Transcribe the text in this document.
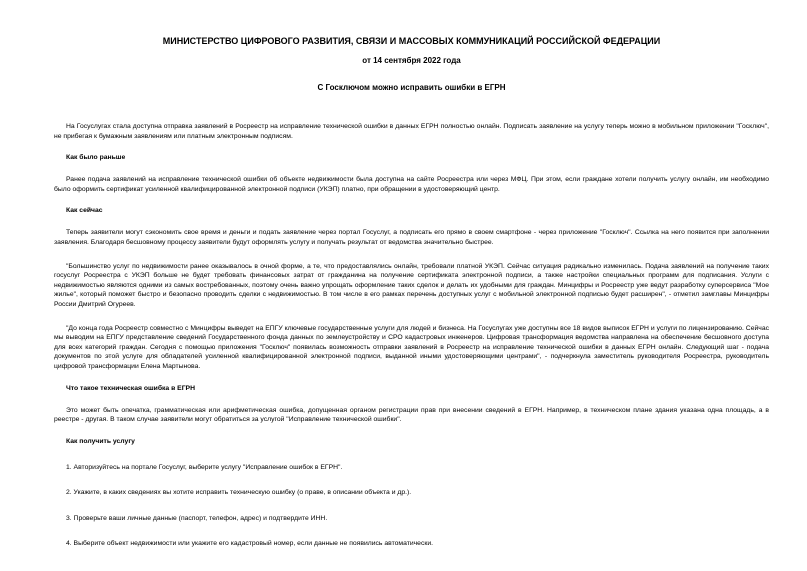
МИНИСТЕРСТВО ЦИФРОВОГО РАЗВИТИЯ, СВЯЗИ И МАССОВЫХ КОММУНИКАЦИЙ РОССИЙСКОЙ ФЕДЕРАЦИИ
от 14 сентября 2022 года
С Госключом можно исправить ошибки в ЕГРН

На Госуслугах стала доступна отправка заявлений в Росреестр на исправление технической ошибки в данных ЕГРН полностью онлайн. Подписать заявление на услугу теперь можно в мобильном приложении "Госключ", не прибегая к бумажным заявлениям или платным электронным подписям.

Как было раньше

Ранее подача заявлений на исправление технической ошибки об объекте недвижимости была доступна на сайте Росреестра или через МФЦ. При этом, если граждане хотели получить услугу онлайн, им необходимо было оформить сертификат усиленной квалифицированной электронной подписи (УКЭП) платно, при обращении в удостоверяющий центр.

Как сейчас

Теперь заявители могут сэкономить свое время и деньги и подать заявление через портал Госуслуг, а подписать его прямо в своем смартфоне - через приложение "Госключ". Ссылка на него появится при заполнении заявления. Благодаря бесшовному процессу заявители будут оформлять услугу и получать результат от ведомства значительно быстрее.

"Большинство услуг по недвижимости ранее оказывалось в очной форме, а те, что предоставлялись онлайн, требовали платной УКЭП. Сейчас ситуация радикально изменилась. Подача заявлений на получение таких госуслуг Росреестра с УКЭП больше не будет требовать финансовых затрат от гражданина на получение сертификата электронной подписи, а также настройки специальных программ для подписания. Услуги с недвижимостью являются одними из самых востребованных, поэтому очень важно упрощать оформление таких сделок и делать их удобными для граждан. Минцифры и Росреестр уже ведут разработку суперсервиса "Мое жилье", который поможет быстро и безопасно проводить сделки с недвижимостью. В том числе в его рамках перечень доступных услуг с мобильной электронной подписью будет расширен", - отметил замглавы Минцифры России Дмитрий Огуреев.

"До конца года Росреестр совместно с Минцифры выведет на ЕПГУ ключевые государственные услуги для людей и бизнеса. На Госуслугах уже доступны все 18 видов выписок ЕГРН и услуги по лицензированию. Сейчас мы выводим на ЕПГУ представление сведений Государственного фонда данных по землеустройству и СРО кадастровых инженеров. Цифровая трансформация ведомства направлена на обеспечение бесшовного доступа для всех категорий граждан. Сегодня с помощью приложения "Госключ" появилась возможность отправки заявлений в Росреестр на исправление технической ошибки в данных ЕГРН онлайн. Следующий шаг - подача документов по этой услуге для обладателей усиленной квалифицированной электронной подписи, выданной иными удостоверяющими центрами", - подчеркнула заместитель руководителя Росреестра, руководитель цифровой трансформации Елена Мартынова.

Что такое техническая ошибка в ЕГРН

Это может быть опечатка, грамматическая или арифметическая ошибка, допущенная органом регистрации прав при внесении сведений в ЕГРН. Например, в техническом плане здания указана одна площадь, а в реестре - другая. В таком случае заявители могут обратиться за услугой "Исправление технической ошибки".

Как получить услугу

1. Авторизуйтесь на портале Госуслуг, выберите услугу "Исправление ошибок в ЕГРН".

2. Укажите, в каких сведениях вы хотите исправить техническую ошибку (о праве, в описании объекта и др.).

3. Проверьте ваши личные данные (паспорт, телефон, адрес) и подтвердите ИНН.

4. Выберите объект недвижимости или укажите его кадастровый номер, если данные не появились автоматически.
